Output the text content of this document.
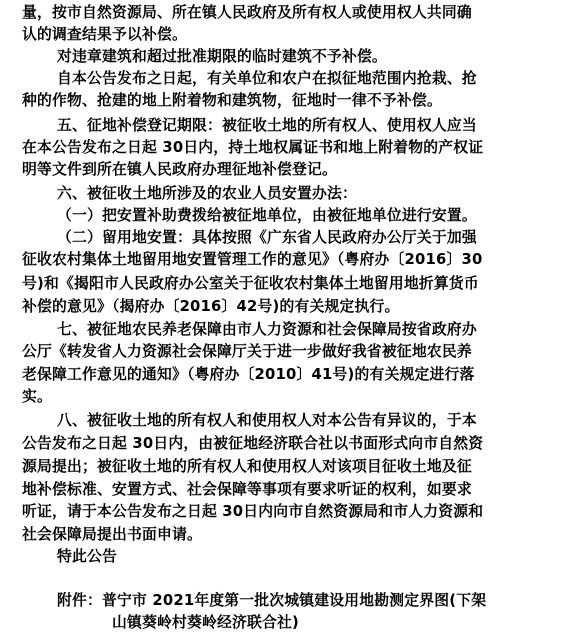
量，按市自然资源局、所在镇人民政府及所有权人或使用权人共同确
认的调查结果予以补偿。
对违章建筑和超过批准期限的临时建筑不予补偿。
自本公告发布之日起，有关单位和农户在拟征地范围内抢栽、抢
种的作物、抢建的地上附着物和建筑物，征地时一律不予补偿。
五、征地补偿登记期限：被征收土地的所有权人、使用权人应当
在本公告发布之日起 30日内，持土地权属证书和地上附着物的产权证
明等文件到所在镇人民政府办理征地补偿登记。
六、被征收土地所涉及的农业人员安置办法：
（一）把安置补助费拨给被征地单位，由被征地单位进行安置。
（二）留用地安置：具体按照《广东省人民政府办公厅关于加强
征收农村集体土地留用地安置管理工作的意见》（粤府办〔2016〕30
号)和《揭阳市人民政府办公室关于征收农村集体土地留用地折算货币
补偿的意见》（揭府办〔2016〕42号)的有关规定执行。
七、被征地农民养老保障由市人力资源和社会保障局按省政府办
公厅《转发省人力资源社会保障厅关于进一步做好我省被征地农民养
老保障工作意见的通知》（粤府办〔2010〕41号)的有关规定进行落
实。
八、被征收土地的所有权人和使用权人对本公告有异议的，于本
公告发布之日起 30日内，由被征地经济联合社以书面形式向市自然资
源局提出；被征收土地的所有权人和使用权人对该项目征收土地及征
地补偿标准、安置方式、社会保障等事项有要求听证的权利，如要求
听证，请于本公告发布之日起 30日内向市自然资源局和市人力资源和
社会保障局提出书面申请。
特此公告
附件：普宁市 2021年度第一批次城镇建设用地勘测定界图(下架
山镇葵岭村葵岭经济联合社)
